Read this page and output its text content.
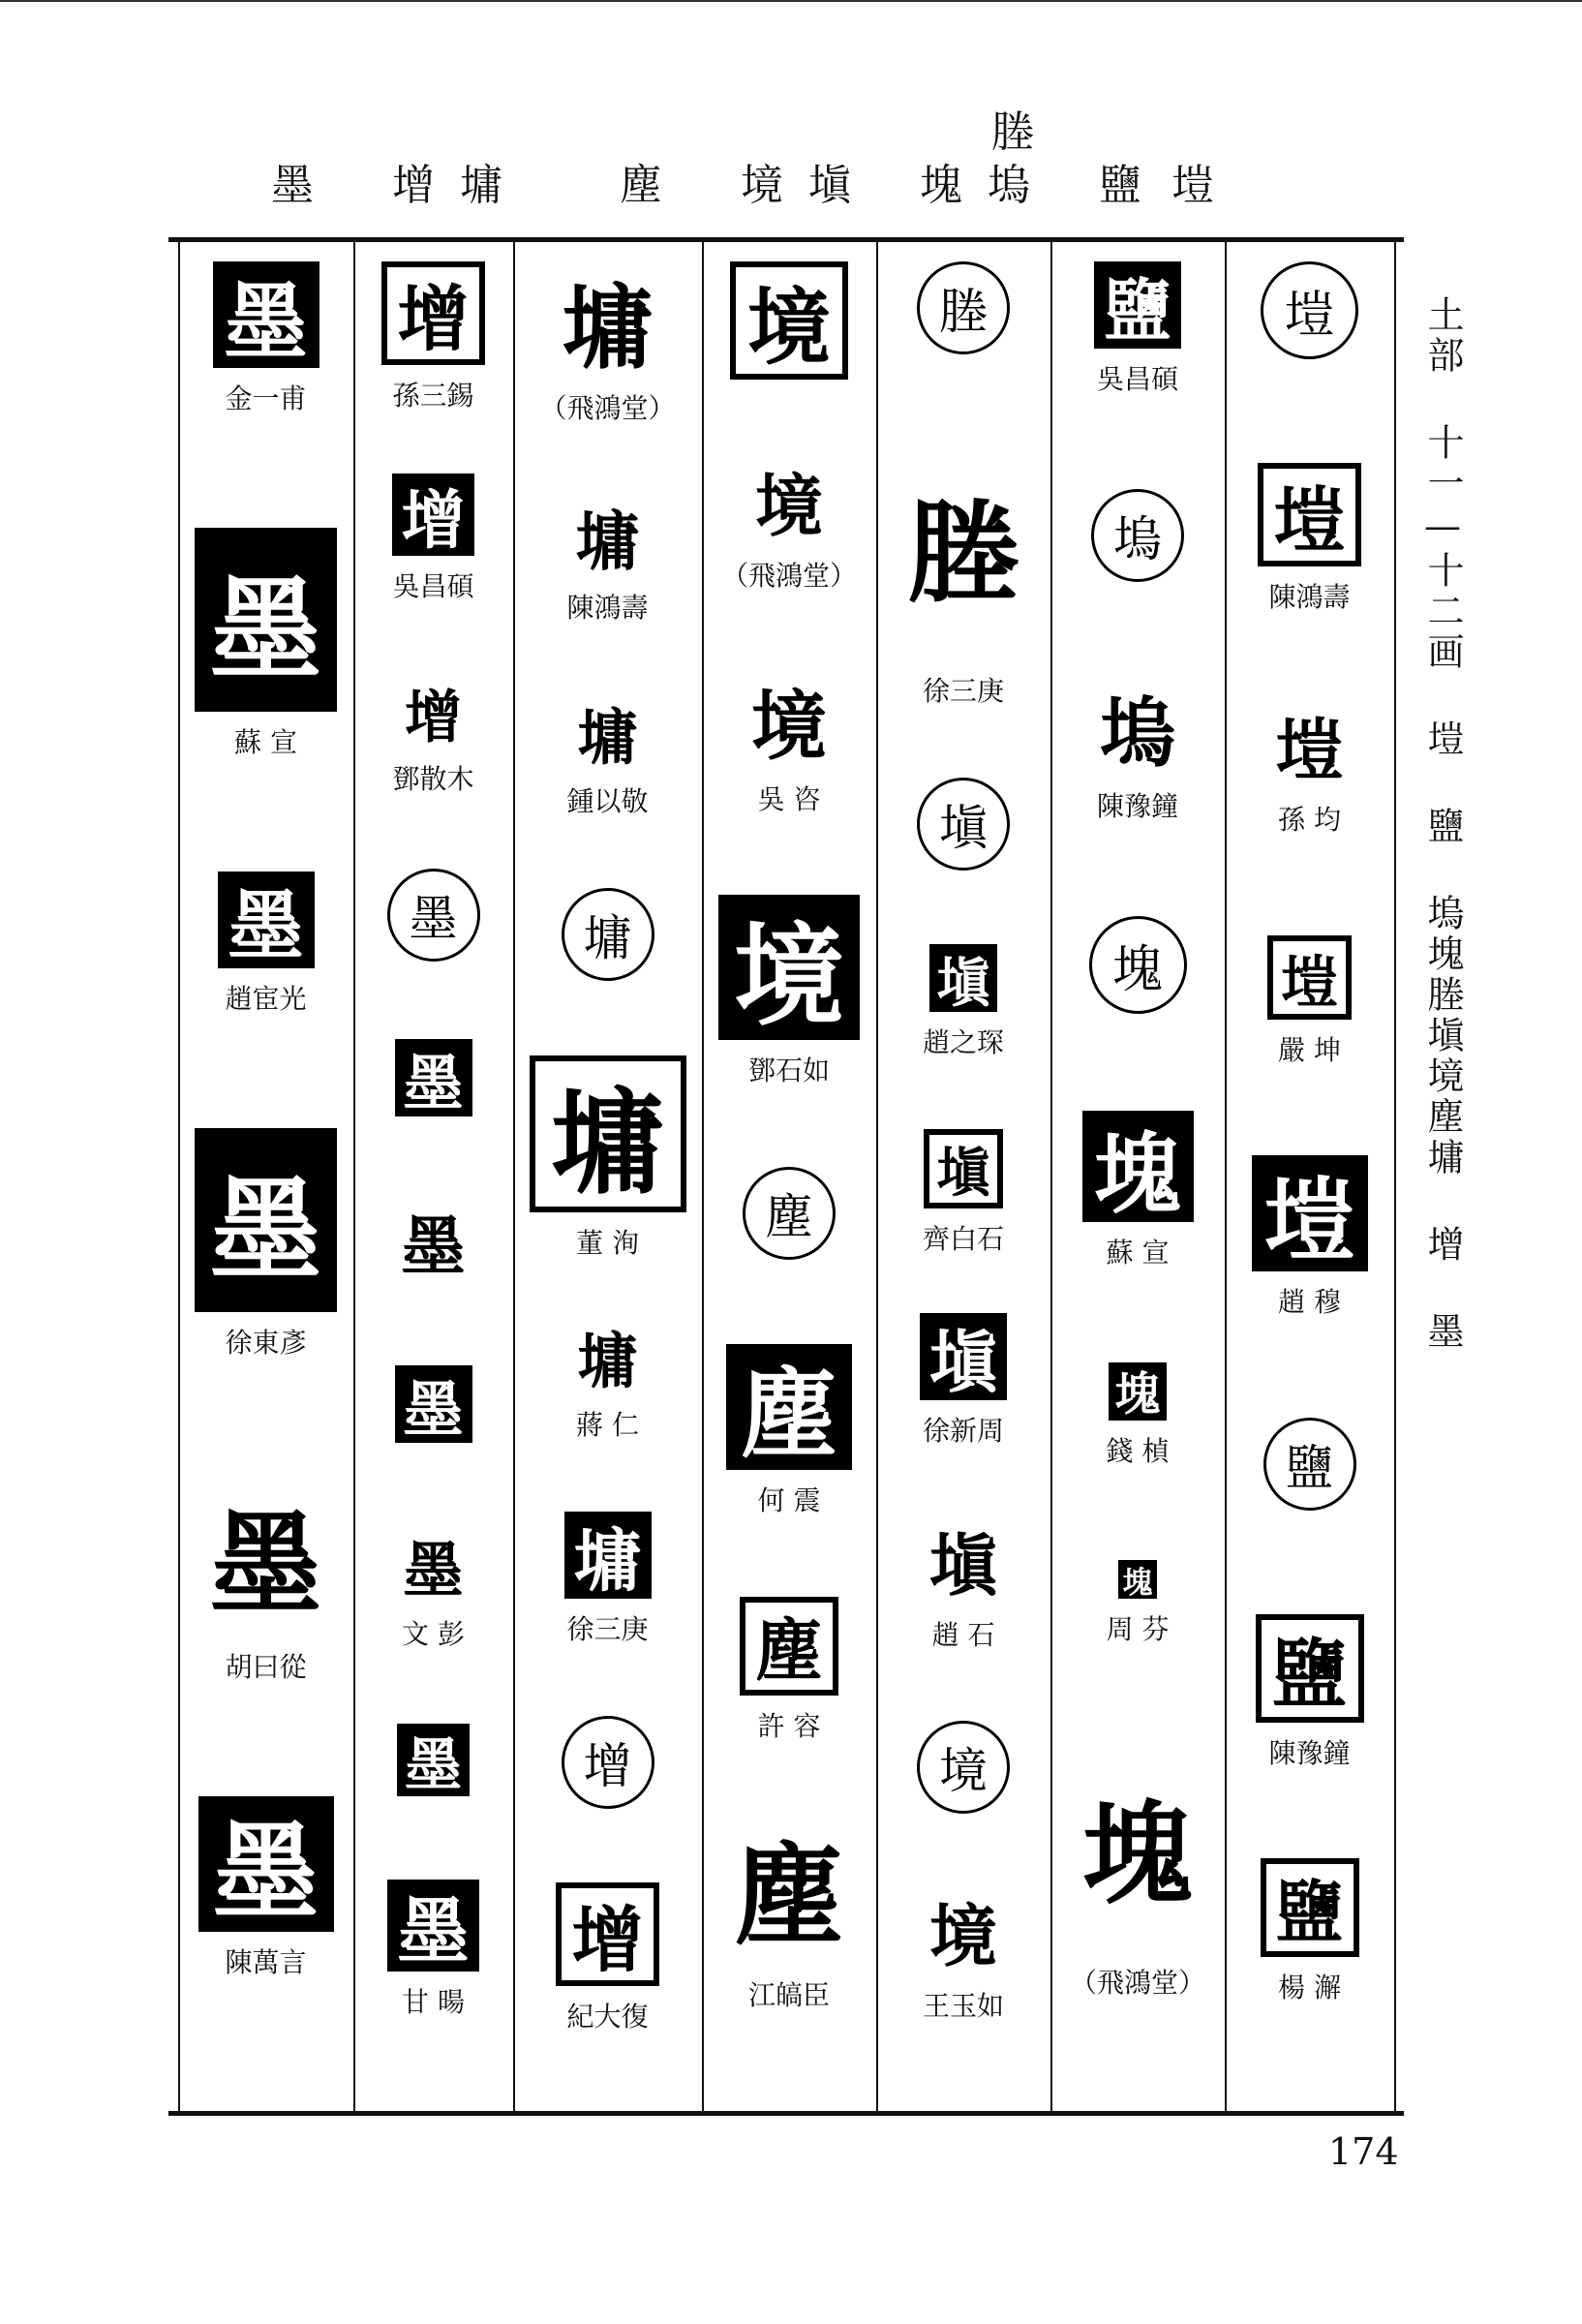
塍
墨 增 墉	塵 境 塡 塊 塢 鹽 塏
土部 十一—十二画 塏 鹽 塢塊塍塡境塵墉 增 墨
墨
金一甫
墨
蘇 宣
墨
趙宦光
墨
徐東彥
墨
胡曰從
墨
陳萬言
增
孫三錫
增
吳昌碩
增
鄧散木
墨
墨
墨
墨
墨
文 彭
墨
墨
甘 暘
墉
（飛鴻堂）
墉
陳鴻壽
墉
鍾以敬
墉
墉
董 洵
墉
蔣 仁
墉
徐三庚
增
增
紀大復
境
境
（飛鴻堂）
境
吳 咨
境
鄧石如
塵
塵
何 震
塵
許 容
塵
江皜臣
塍
塍
徐三庚
塡
塡
趙之琛
塡
齊白石
塡
徐新周
塡
趙 石
境
境
王玉如
鹽
吳昌碩
塢
塢
陳豫鐘
塊
塊
蘇 宣
塊
錢 楨
塊
周 芬
塊
（飛鴻堂）
塏
塏
陳鴻壽
塏
孫 均
塏
嚴 坤
塏
趙 穆
鹽
鹽
陳豫鐘
鹽
楊 澥
174
